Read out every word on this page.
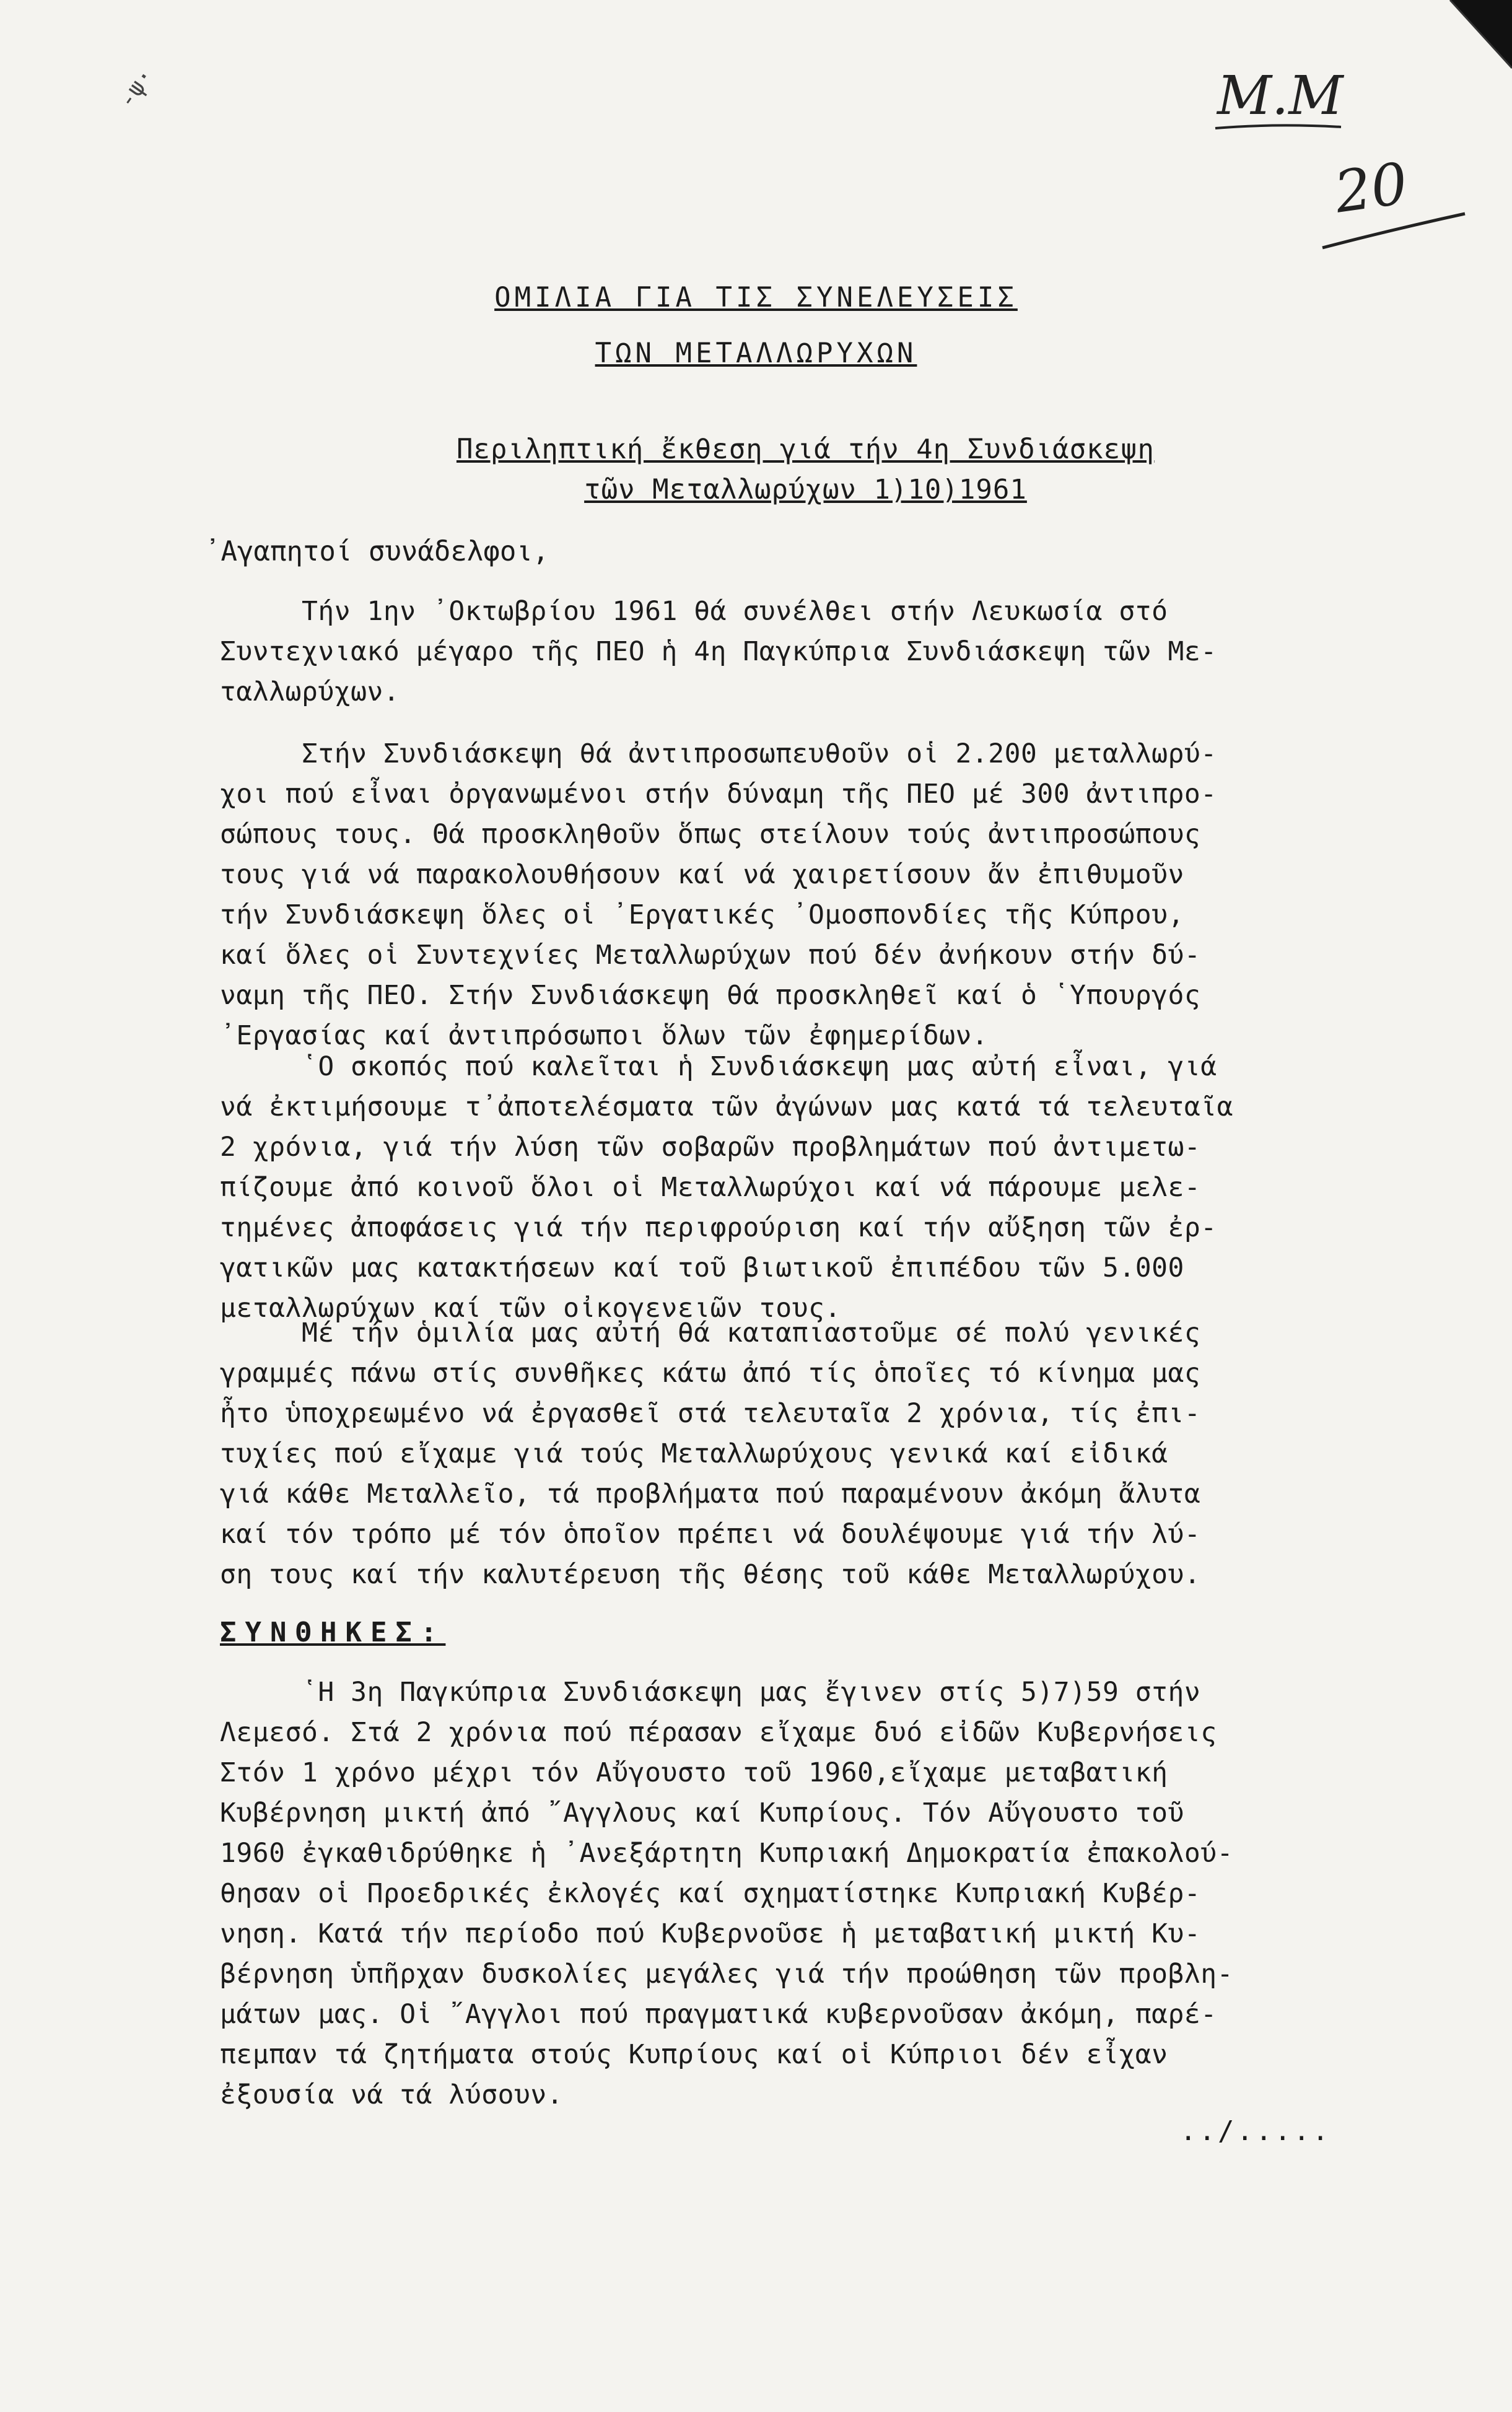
-ψ·	Μ.Μ
20
ΟΜΙΛΙΑ ΓΙΑ ΤΙΣ ΣΥΝΕΛΕΥΣΕΙΣ
ΤΩΝ ΜΕΤΑΛΛΩΡΥΧΩΝ
Περιληπτική ἔκθεση γιά τήν 4η Συνδιάσκεψη
τῶν Μεταλλωρύχων 1)10)1961
᾿Αγαπητοί συνάδελφοι,
Τήν 1ην ᾿Οκτωβρίου 1961 θά συνέλθει στήν Λευκωσία στό
Συντεχνιακό μέγαρο τῆς ΠΕΟ ἡ 4η Παγκύπρια Συνδιάσκεψη τῶν Με-
ταλλωρύχων.
Στήν Συνδιάσκεψη θά ἀντιπροσωπευθοῦν οἱ 2.200 μεταλλωρύ-
χοι πού εἶναι ὀργανωμένοι στήν δύναμη τῆς ΠΕΟ μέ 300 ἀντιπρο-
σώπους τους. Θά προσκληθοῦν ὅπως στείλουν τούς ἀντιπροσώπους
τους γιά νά παρακολουθήσουν καί νά χαιρετίσουν ἄν ἐπιθυμοῦν
τήν Συνδιάσκεψη ὅλες οἱ ᾿Εργατικές ᾿Ομοσπονδίες τῆς Κύπρου,
καί ὅλες οἱ Συντεχνίες Μεταλλωρύχων πού δέν ἀνήκουν στήν δύ-
ναμη τῆς ΠΕΟ. Στήν Συνδιάσκεψη θά προσκληθεῖ καί ὁ ῾Υπουργός
᾿Εργασίας καί ἀντιπρόσωποι ὅλων τῶν ἐφημερίδων.
῾Ο σκοπός πού καλεῖται ἡ Συνδιάσκεψη μας αὐτή εἶναι, γιά
νά ἐκτιμήσουμε τ᾿ἀποτελέσματα τῶν ἀγώνων μας κατά τά τελευταῖα
2 χρόνια, γιά τήν λύση τῶν σοβαρῶν προβλημάτων πού ἀντιμετω-
πίζουμε ἀπό κοινοῦ ὅλοι οἱ Μεταλλωρύχοι καί νά πάρουμε μελε-
τημένες ἀποφάσεις γιά τήν περιφρούριση καί τήν αὔξηση τῶν ἐρ-
γατικῶν μας κατακτήσεων καί τοῦ βιωτικοῦ ἐπιπέδου τῶν 5.000
μεταλλωρύχων καί τῶν οἰκογενειῶν τους.
Μέ τήν ὁμιλία μας αὐτή θά καταπιαστοῦμε σέ πολύ γενικές
γραμμές πάνω στίς συνθῆκες κάτω ἀπό τίς ὁποῖες τό κίνημα μας
ἦτο ὑποχρεωμένο νά ἐργασθεῖ στά τελευταῖα 2 χρόνια, τίς ἐπι-
τυχίες πού εἴχαμε γιά τούς Μεταλλωρύχους γενικά καί εἰδικά
γιά κάθε Μεταλλεῖο, τά προβλήματα πού παραμένουν ἀκόμη ἄλυτα
καί τόν τρόπο μέ τόν ὁποῖον πρέπει νά δουλέψουμε γιά τήν λύ-
ση τους καί τήν καλυτέρευση τῆς θέσης τοῦ κάθε Μεταλλωρύχου.
ΣΥΝΘΗΚΕΣ:
῾Η 3η Παγκύπρια Συνδιάσκεψη μας ἔγινεν στίς 5)7)59 στήν
Λεμεσό. Στά 2 χρόνια πού πέρασαν εἴχαμε δυό εἰδῶν Κυβερνήσεις
Στόν 1 χρόνο μέχρι τόν Αὔγουστο τοῦ 1960,εἴχαμε μεταβατική
Κυβέρνηση μικτή ἀπό ῎Αγγλους καί Κυπρίους. Τόν Αὔγουστο τοῦ
1960 ἐγκαθιδρύθηκε ἡ ᾿Ανεξάρτητη Κυπριακή Δημοκρατία ἐπακολού-
θησαν οἱ Προεδρικές ἐκλογές καί σχηματίστηκε Κυπριακή Κυβέρ-
νηση. Κατά τήν περίοδο πού Κυβερνοῦσε ἡ μεταβατική μικτή Κυ-
βέρνηση ὑπῆρχαν δυσκολίες μεγάλες γιά τήν προώθηση τῶν προβλη-
μάτων μας. Οἱ ῎Αγγλοι πού πραγματικά κυβερνοῦσαν ἀκόμη, παρέ-
πεμπαν τά ζητήματα στούς Κυπρίους καί οἱ Κύπριοι δέν εἶχαν
ἐξουσία νά τά λύσουν.
../.....
